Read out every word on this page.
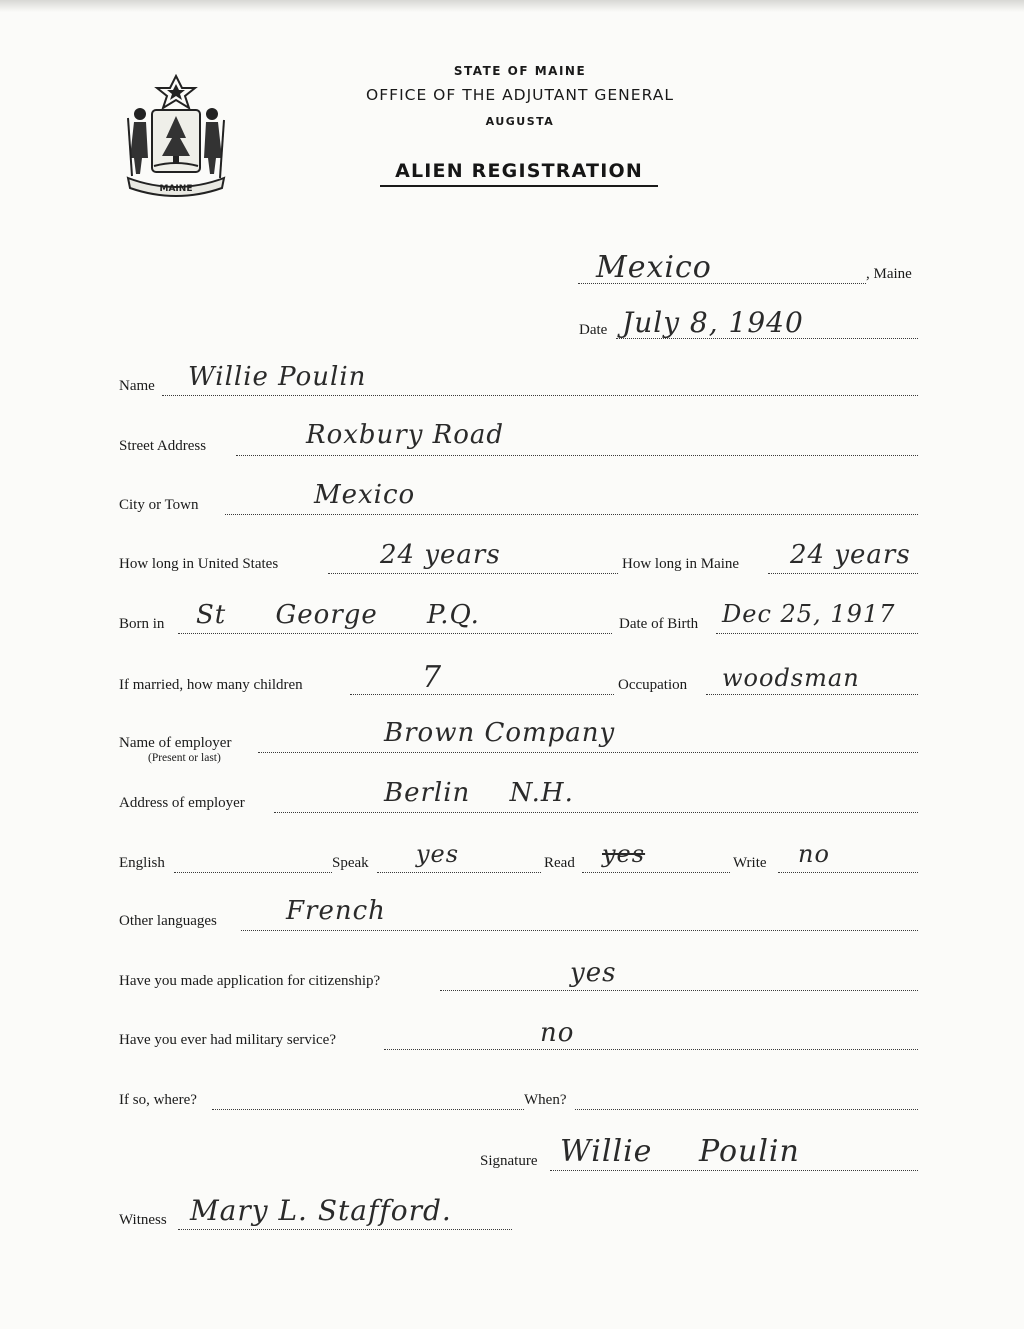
MAINE
STATE OF MAINE
OFFICE OF THE ADJUTANT GENERAL
AUGUSTA
ALIEN REGISTRATION
Mexico	, Maine
Date July 8, 1940
Name Willie Poulin
Street Address	Roxbury Road
City or Town	Mexico
How long in United States	24 years	How long in Maine 24 years
Born in St George P.Q.	Date of Birth Dec 25, 1917
If married, how many children	7	Occupation woodsman
Name of employer
(Present or last)
Brown Company
Address of employer	Berlin N.H.
English	Speak yes	Read yes	Write no
Other languages	French
Have you made application for citizenship?	yes
Have you ever had military service?	no
If so, where?	When?
Signature Willie Poulin
Witness Mary L. Stafford.
